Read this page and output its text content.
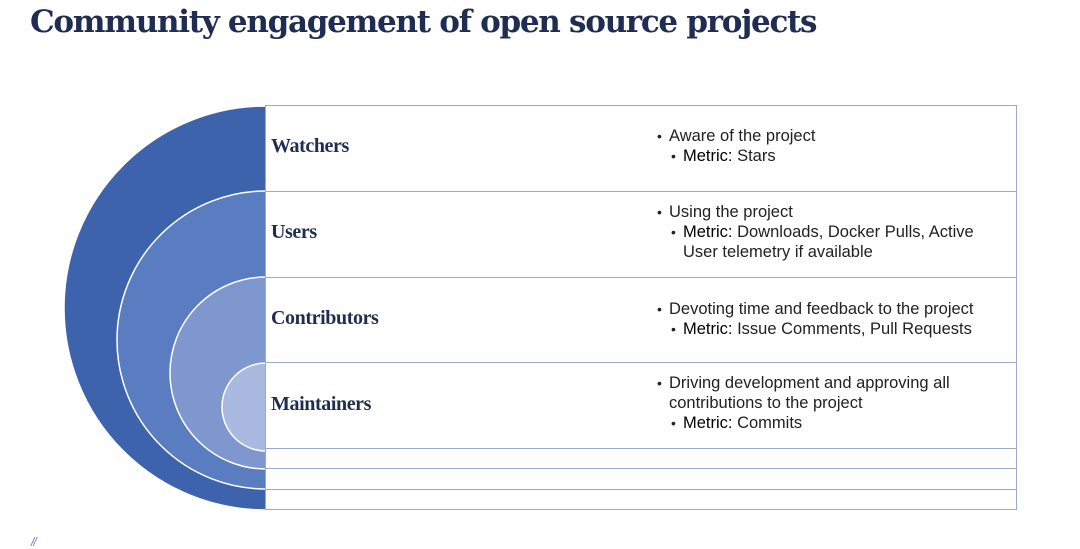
Community engagement of open source projects
Watchers	• Aware of the project
• Metric: Stars
Users
• Using the project
• Metric: Downloads, Docker Pulls, Active User telemetry if available
Contributors	• Devoting time and feedback to the project
• Metric: Issue Comments, Pull Requests
Maintainers
• Driving development and approving all contributions to the project
• Metric: Commits
//
